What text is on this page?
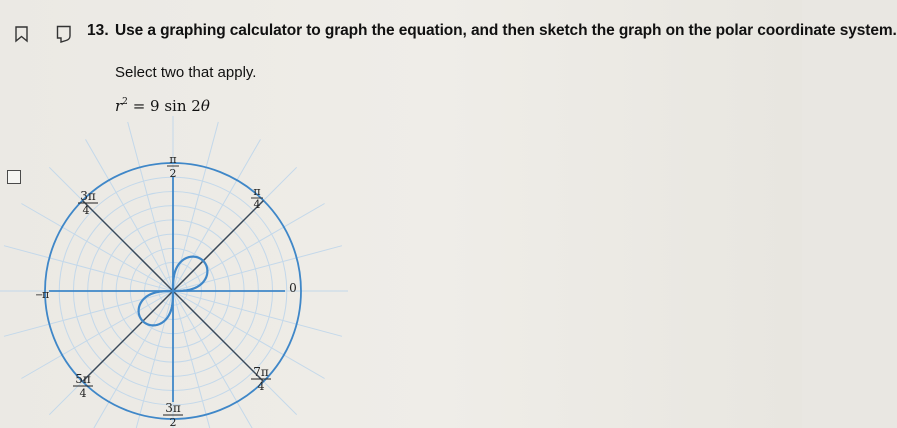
13. Use a graphing calculator to graph the equation, and then sketch the graph on the polar coordinate system.
Select two that apply.
$r^2 = 9$ sin 2θ
π
2
3π
4
π
4
0
−
π
5π
4
7π
4
3π
2
